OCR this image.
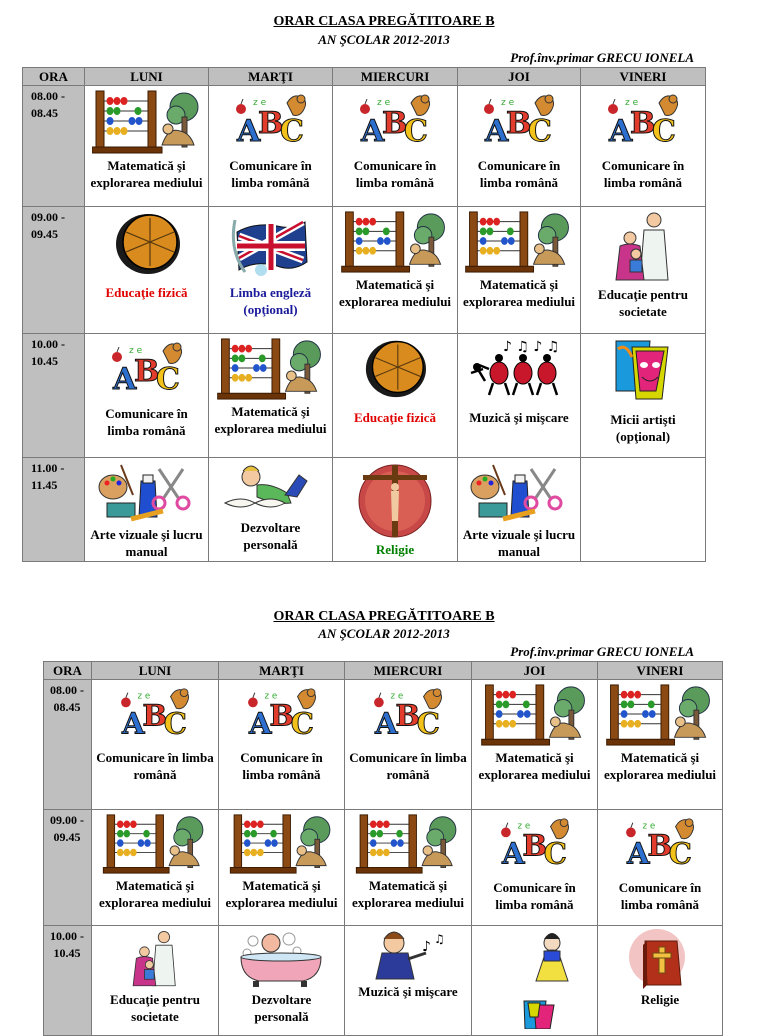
ORAR CLASA PREGĂTITOARE B
AN ŞCOLAR 2012-2013
Prof.înv.primar GRECU IONELA
ORA	LUNI	MARŢI	MIERCURI	JOI	VINERI
08.00 - 08.45	Matematică şi explorarea mediului	Comunicare în limba română	Comunicare în limba română	Comunicare în limba română	Comunicare în limba română

09.00 - 09.45	Educaţie fizică	Limba engleză (opţional)	Matematică şi explorarea mediului	Matematică şi explorarea mediului	Educaţie pentru societate

10.00 - 10.45	Comunicare în limba română	Matematică şi explorarea mediului	Educaţie fizică	Muzică şi mişcare	Micii artişti (opţional)

11.00 - 11.45	Arte vizuale şi lucru manual	Dezvoltare personală	Religie	Arte vizuale şi lucru manual	

ORAR CLASA PREGĂTITOARE B
AN ŞCOLAR 2012-2013
Prof.înv.primar GRECU IONELA
ORA	LUNI	MARŢI	MIERCURI	JOI	VINERI

08.00 - 08.45	Comunicare în limba română	Comunicare în limba română	Comunicare în limba română	Matematică şi explorarea mediului	Matematică şi explorarea mediului

09.00 - 09.45	Matematică şi explorarea mediului	Matematică şi explorarea mediului	Matematică şi explorarea mediului	Comunicare în limba română	Comunicare în limba română

10.00 - 10.45	Educaţie pentru societate	Dezvoltare personală	Muzică şi mişcare		Religie
